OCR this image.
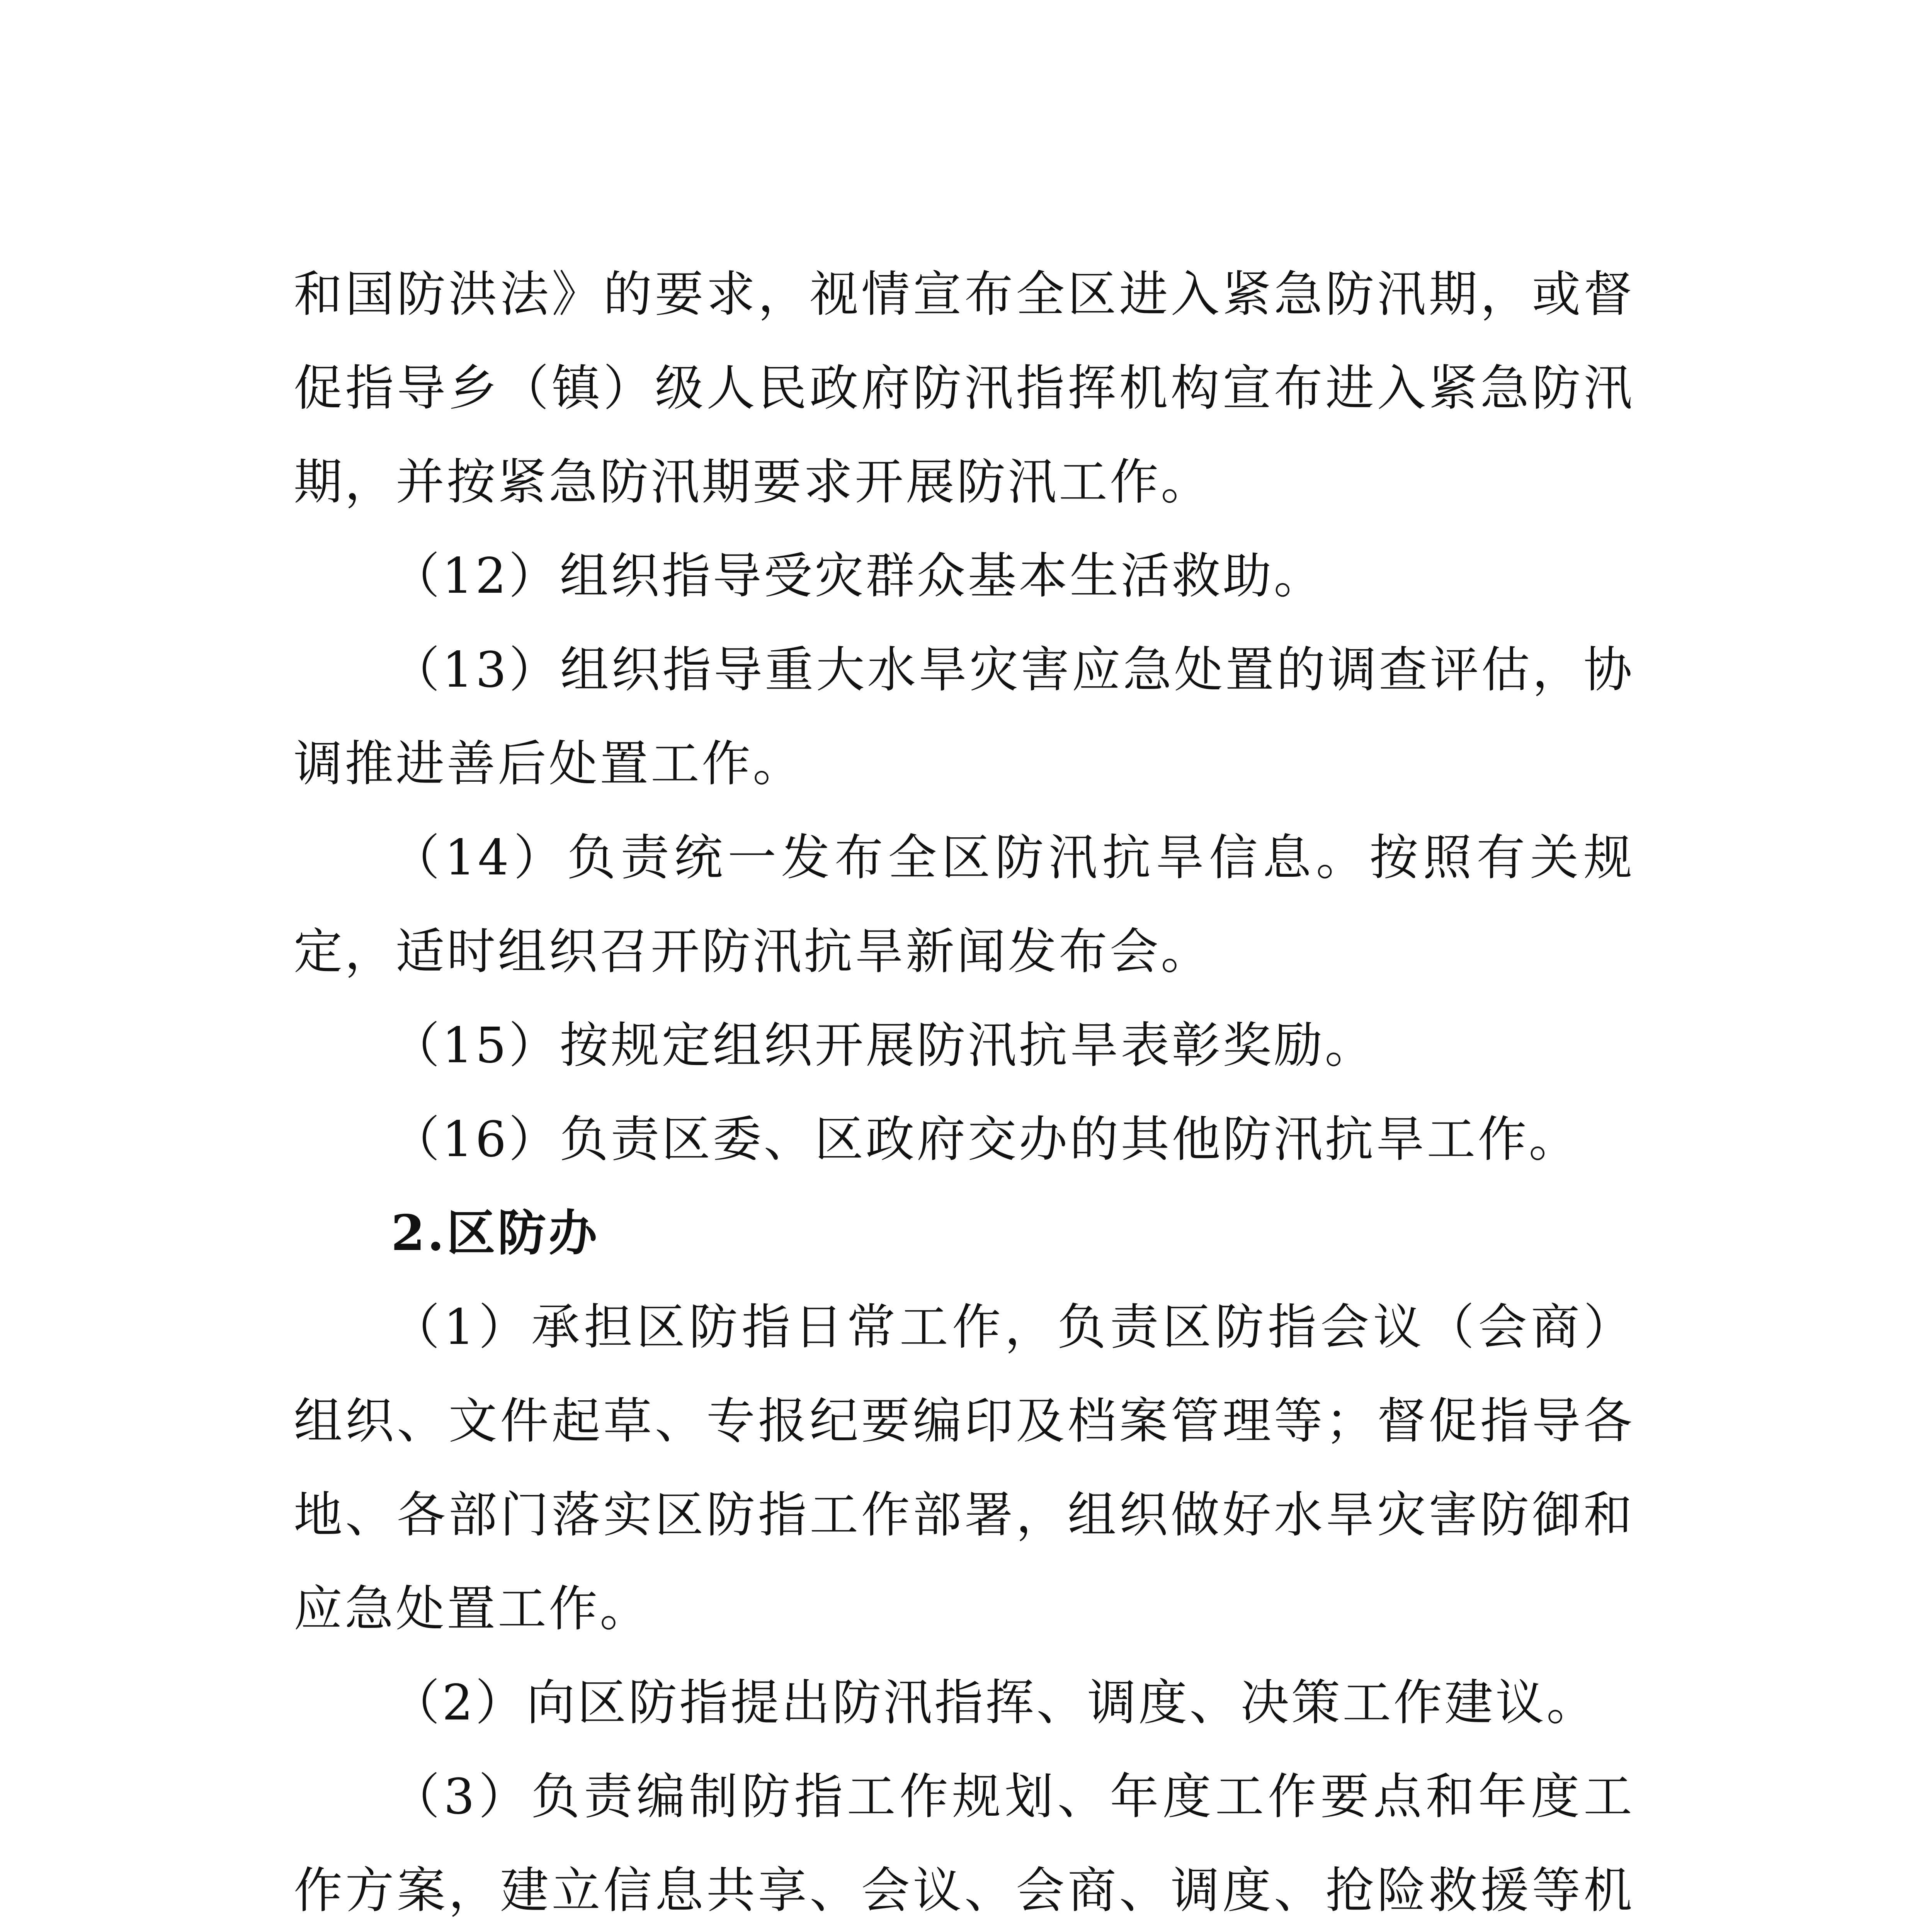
和国防洪法》的要求，视情宣布全区进入紧急防汛期，或督促指导乡（镇）级人民政府防汛指挥机构宣布进入紧急防汛期，并按紧急防汛期要求开展防汛工作。

（12）组织指导受灾群众基本生活救助。

（13）组织指导重大水旱灾害应急处置的调查评估，协调推进善后处置工作。

（14）负责统一发布全区防汛抗旱信息。按照有关规定，适时组织召开防汛抗旱新闻发布会。

（15）按规定组织开展防汛抗旱表彰奖励。

（16）负责区委、区政府交办的其他防汛抗旱工作。

2.区防办

（1）承担区防指日常工作，负责区防指会议（会商）组织、文件起草、专报纪要编印及档案管理等；督促指导各地、各部门落实区防指工作部署，组织做好水旱灾害防御和应急处置工作。

（2）向区防指提出防汛指挥、调度、决策工作建议。

（3）负责编制防指工作规划、年度工作要点和年度工作方案，建立信息共享、会议、会商、调度、抢险救援等机
